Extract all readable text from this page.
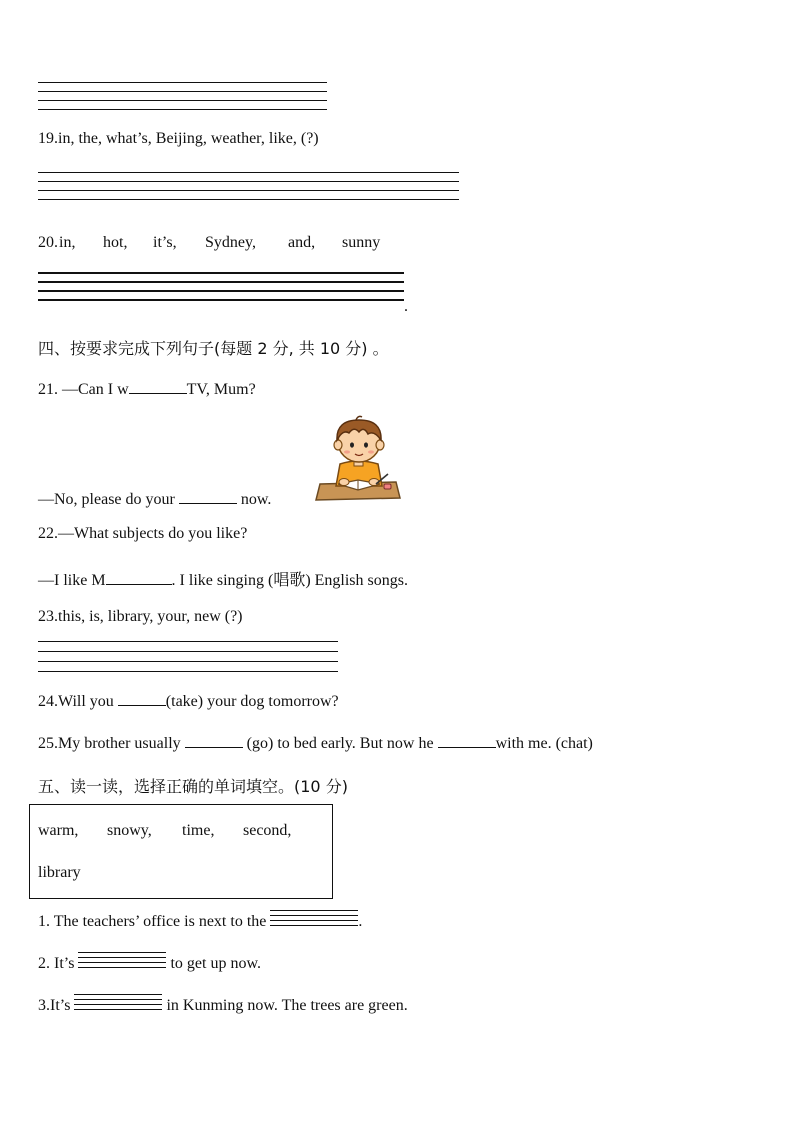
19.in, the, what’s, Beijing, weather, like, (?)
20. in, hot, it’s, Sydney, and, sunny
.
四、按要求完成下列句子(每题 2 分, 共 10 分) 。
21. —Can I w	TV, Mum?
—No, please do your	now.
22.—What subjects do you like?
—I like M	. I like singing (唱歌) English songs.
23.this, is, library, your, new (?)
24.Will you	(take) your dog tomorrow?
25.My brother usually	(go) to bed early. But now he	with me. (chat)
五、读一读，选择正确的单词填空。(10 分)
warm, snowy, time, second,
library
1. The teachers’ office is next to the	.
2. It’s	to get up now.
3.It’s	in Kunming now. The trees are green.
